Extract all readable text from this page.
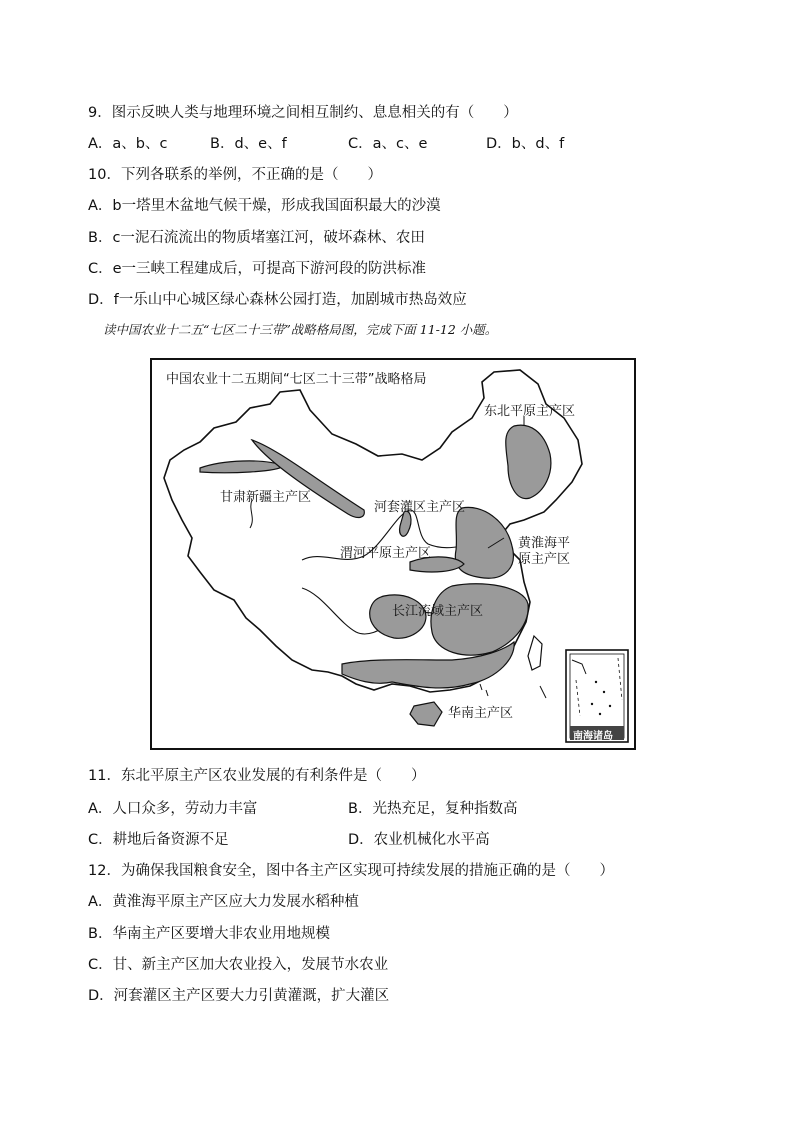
9．图示反映人类与地理环境之间相互制约、息息相关的有（　　）
A．a、b、c	B．d、e、f	C．a、c、e	D．b、d、f
10．下列各联系的举例，不正确的是（　　）
A．b一塔里木盆地气候干燥，形成我国面积最大的沙漠
B．c一泥石流流出的物质堵塞江河，破坏森林、农田
C．e一三峡工程建成后，可提高下游河段的防洪标准
D．f一乐山中心城区绿心森林公园打造，加剧城市热岛效应
读中国农业十二五“七区二十三带”战略格局图，完成下面 11-12 小题。
中国农业十二五期间“七区二十三带”战略格局
东北平原主产区
甘肃新疆主产区
河套灌区主产区
黄淮海平
原主产区
渭河平原主产区
长江流域主产区
华南主产区
南海诸岛
11．东北平原主产区农业发展的有利条件是（　　）
A．人口众多，劳动力丰富	B．光热充足，复种指数高
C．耕地后备资源不足	D．农业机械化水平高
12．为确保我国粮食安全，图中各主产区实现可持续发展的措施正确的是（　　）
A．黄淮海平原主产区应大力发展水稻种植
B．华南主产区要增大非农业用地规模
C．甘、新主产区加大农业投入，发展节水农业
D．河套灌区主产区要大力引黄灌溉，扩大灌区
